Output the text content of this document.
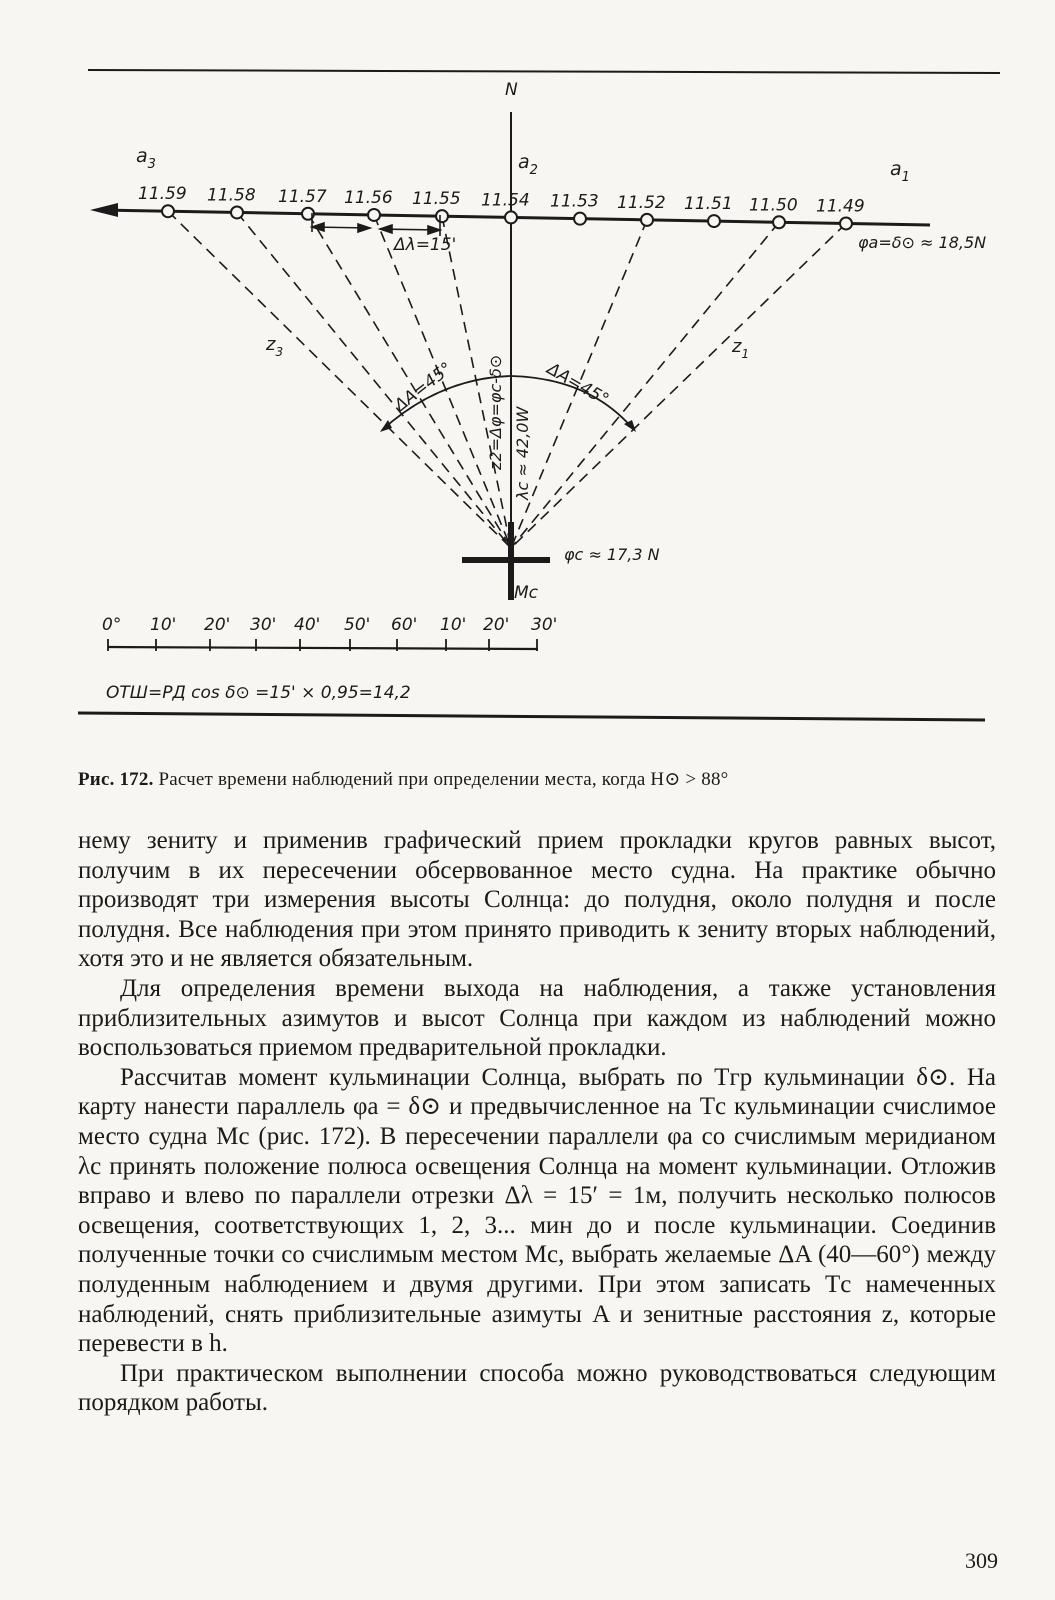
N
$a_3$	$a_2$	$a_1$
11.59 11.58 11.57 11.56 11.55 11.54 11.53 11.52 11.51 11.50 11.49
Δλ=15'	φa=δ⊙ ≈ 18,5N
$z_3$	$z_1$
ΔA=45°	ΔA=45°
z2=Δφ=φc-δ⊙ λc ≈ 42,0W
φc ≈ 17,3 N
Mc
0° 10' 20' 30' 40' 50' 60' 10' 20' 30'
ОТШ=РД cos δ⊙ =15' × 0,95=14,2
Рис. 172. Расчет времени наблюдений при определении места, когда H⊙ > 88°

нему зениту и применив графический прием прокладки кругов равных высот, получим в их пересечении обсервованное место судна. На практике обычно производят три измерения высоты Солнца: до полудня, около полудня и после полудня. Все наблюдения при этом принято приводить к зениту вторых наблюдений, хотя это и не является обязательным.

Для определения времени выхода на наблюдения, а также установления приблизительных азимутов и высот Солнца при каждом из наблюдений можно воспользоваться приемом предварительной прокладки.

Рассчитав момент кульминации Солнца, выбрать по Tгр кульминации δ⊙. На карту нанести параллель φa = δ⊙ и предвычисленное на Tс кульминации счислимое место судна Mс (рис. 172). В пересечении параллели φa со счислимым меридианом λс принять положение полюса освещения Солнца на момент кульминации. Отложив вправо и влево по параллели отрезки Δλ = 15′ = 1м, получить несколько полюсов освещения, соответствующих 1, 2, 3... мин до и после кульминации. Соединив полученные точки со счислимым местом Mс, выбрать желаемые ΔA (40—60°) между полуденным наблюдением и двумя другими. При этом записать Tс намеченных наблюдений, снять приблизительные азимуты A и зенитные расстояния z, которые перевести в h.

При практическом выполнении способа можно руководствоваться следующим порядком работы.

309
